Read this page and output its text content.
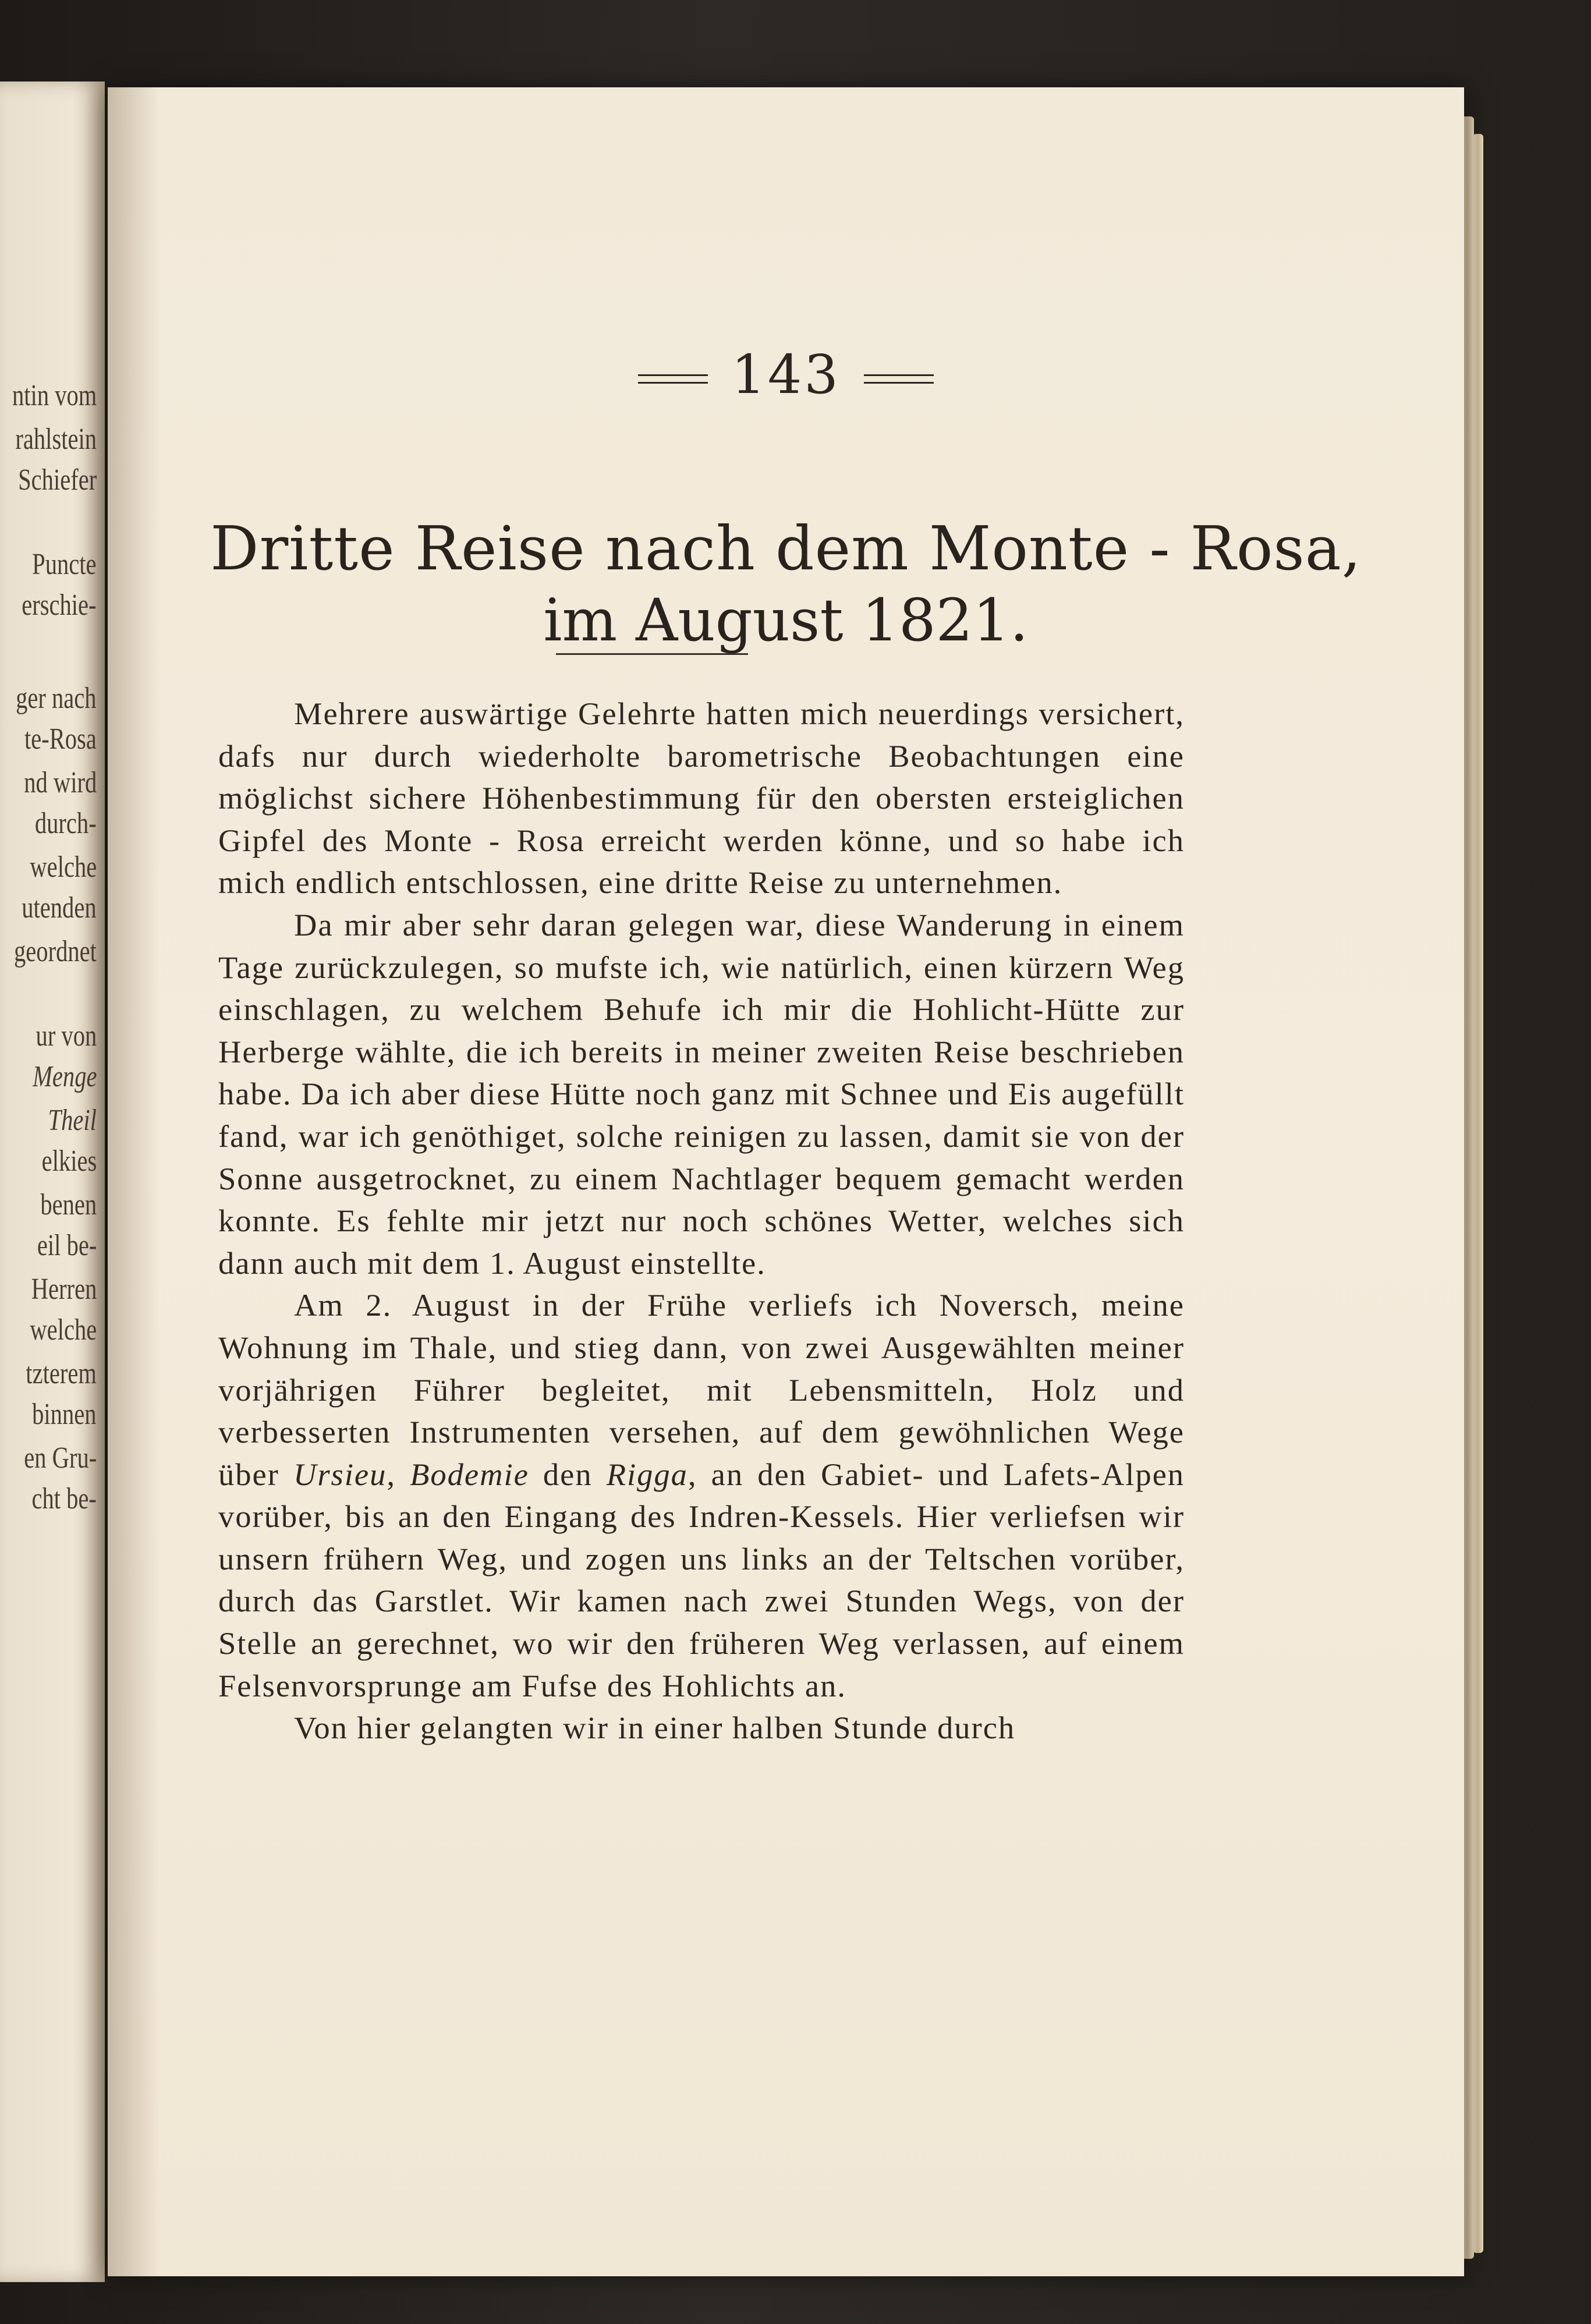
ntin vom
rahlstein
Schiefer
Puncte
erschie-
ger nach
te-Rosa
nd wird
durch-
welche
utenden
geordnet
ur von
Menge
Theil
elkies
benen
eil be-
Herren
welche
tzterem
binnen
en Gru-
cht be-
143
Dritte Reise nach dem Monte - Rosa,
im August 1821.

Mehrere auswärtige Gelehrte hatten mich neuerdings versichert, dafs nur durch wiederholte barometrische Beobachtungen eine möglichst sichere Höhenbestimmung für den obersten ersteiglichen Gipfel des Monte - Rosa erreicht werden könne, und so habe ich mich endlich entschlossen, eine dritte Reise zu unternehmen.

Da mir aber sehr daran gelegen war, diese Wanderung in einem Tage zurückzulegen, so mufste ich, wie natürlich, einen kürzern Weg einschlagen, zu welchem Behufe ich mir die Hohlicht-Hütte zur Herberge wählte, die ich bereits in meiner zweiten Reise beschrieben habe. Da ich aber diese Hütte noch ganz mit Schnee und Eis augefüllt fand, war ich genöthiget, solche reinigen zu lassen, damit sie von der Sonne ausgetrocknet, zu einem Nachtlager bequem gemacht werden konnte. Es fehlte mir jetzt nur noch schönes Wetter, welches sich dann auch mit dem 1. August einstellte.

Am 2. August in der Frühe verliefs ich Noversch, meine Wohnung im Thale, und stieg dann, von zwei Ausgewählten meiner vorjährigen Führer begleitet, mit Lebensmitteln, Holz und verbesserten Instrumenten versehen, auf dem gewöhnlichen Wege über Ursieu, Bodemie den Rigga, an den Gabiet- und Lafets-Alpen vorüber, bis an den Eingang des Indren-Kessels. Hier verliefsen wir unsern frühern Weg, und zogen uns links an der Teltschen vorüber, durch das Garstlet. Wir kamen nach zwei Stunden Wegs, von der Stelle an gerechnet, wo wir den früheren Weg verlassen, auf einem Felsenvorsprunge am Fufse des Hohlichts an.

Von hier gelangten wir in einer halben Stunde durch
